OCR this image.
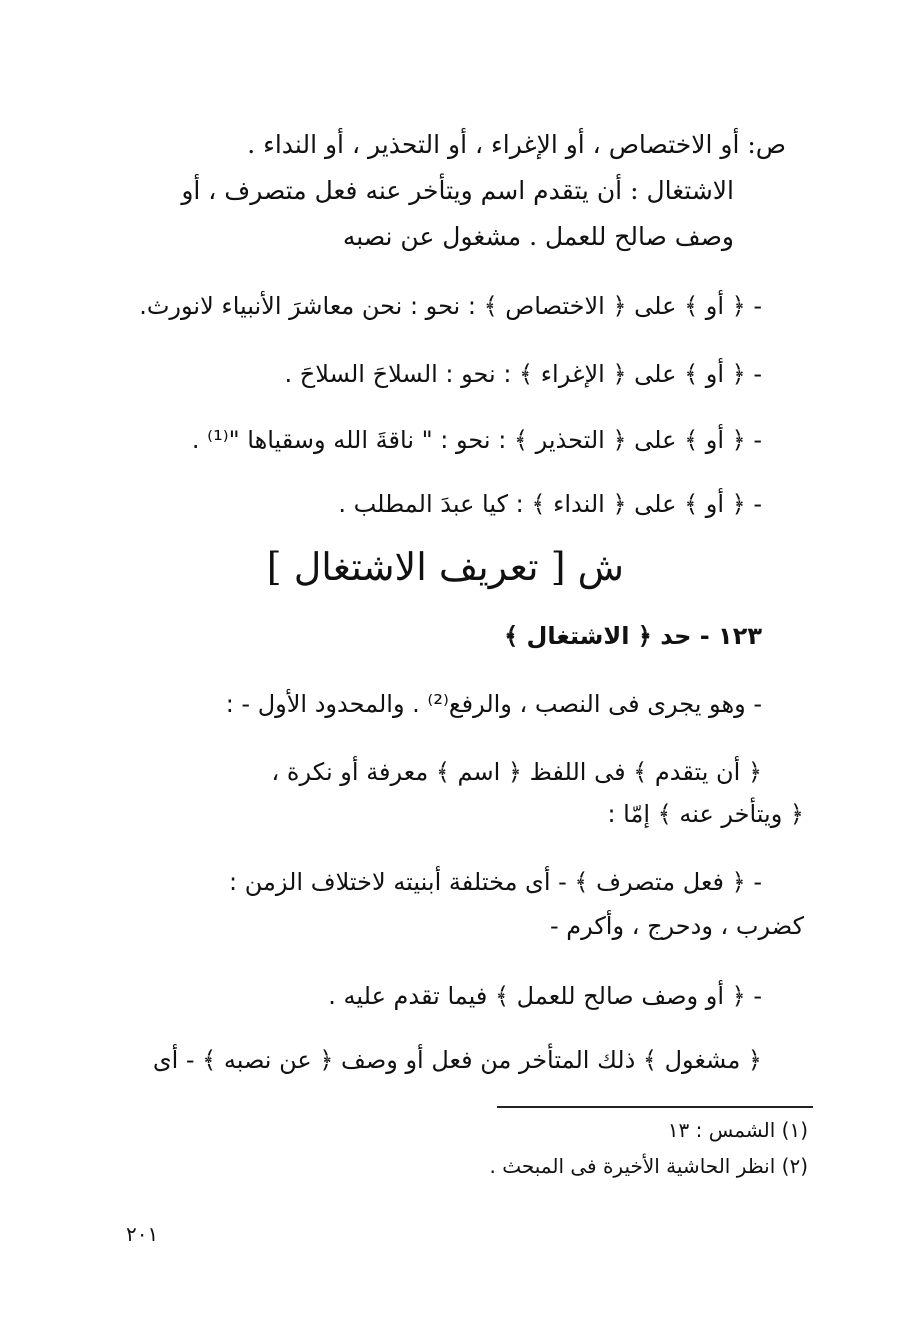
ص: أو الاختصاص ، أو الإغراء ، أو التحذير ، أو النداء .
الاشتغال : أن يتقدم اسم ويتأخر عنه فعل متصرف ، أو
وصف صالح للعمل . مشغول عن نصبه
- ﴿ أو ﴾ على ﴿ الاختصاص ﴾ : نحو : نحن معاشرَ الأنبياء لانورث.
- ﴿ أو ﴾ على ﴿ الإغراء ﴾ : نحو : السلاحَ السلاحَ .
- ﴿ أو ﴾ على ﴿ التحذير ﴾ : نحو : " ناقةَ الله وسقياها "⁽¹⁾ .
- ﴿ أو ﴾ على ﴿ النداء ﴾ : كيا عبدَ المطلب .
ش [ تعريف الاشتغال ]
١٢٣ - حد ﴿ الاشتغال ﴾
- وهو يجرى فى النصب ، والرفع⁽²⁾ . والمحدود الأول - :
﴿ أن يتقدم ﴾ فى اللفظ ﴿ اسم ﴾ معرفة أو نكرة ،
﴿ ويتأخر عنه ﴾ إمّا :
- ﴿ فعل متصرف ﴾ - أى مختلفة أبنيته لاختلاف الزمن :
كضرب ، ودحرج ، وأكرم -
- ﴿ أو وصف صالح للعمل ﴾ فيما تقدم عليه .
﴿ مشغول ﴾ ذلك المتأخر من فعل أو وصف ﴿ عن نصبه ﴾ - أى
(١) الشمس : ١٣
(٢) انظر الحاشية الأخيرة فى المبحث .
٢٠١
